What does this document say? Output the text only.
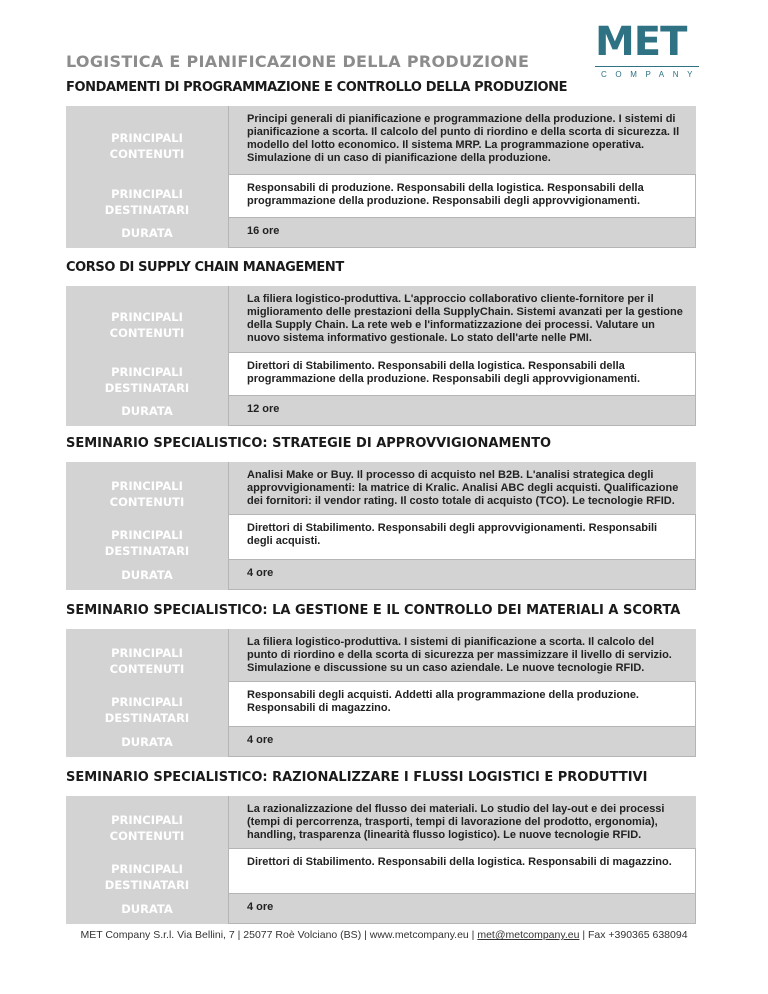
LOGISTICA E PIANIFICAZIONE DELLA PRODUZIONE MET
COMPANY
FONDAMENTI DI PROGRAMMAZIONE E CONTROLLO DELLA PRODUZIONE
PRINCIPALI
CONTENUTI
Principi generali di pianificazione e programmazione della produzione. I sistemi di pianificazione a scorta. Il calcolo del punto di riordino e della scorta di sicurezza. Il modello del lotto economico. Il sistema MRP. La programmazione operativa. Simulazione di un caso di pianificazione della produzione.
PRINCIPALI
DESTINATARI
Responsabili di produzione. Responsabili della logistica. Responsabili della programmazione della produzione. Responsabili degli approvvigionamenti.
DURATA	16 ore
CORSO DI SUPPLY CHAIN MANAGEMENT
PRINCIPALI
CONTENUTI
La filiera logistico-produttiva. L'approccio collaborativo cliente-fornitore per il miglioramento delle prestazioni della SupplyChain. Sistemi avanzati per la gestione della Supply Chain. La rete web e l'informatizzazione dei processi. Valutare un nuovo sistema informativo gestionale. Lo stato dell'arte nelle PMI.
PRINCIPALI
DESTINATARI
Direttori di Stabilimento. Responsabili della logistica. Responsabili della programmazione della produzione. Responsabili degli approvvigionamenti.
DURATA	12 ore
SEMINARIO SPECIALISTICO: STRATEGIE DI APPROVVIGIONAMENTO
PRINCIPALI
CONTENUTI
Analisi Make or Buy. Il processo di acquisto nel B2B. L'analisi strategica degli approvvigionamenti: la matrice di Kralic. Analisi ABC degli acquisti. Qualificazione dei fornitori: il vendor rating. Il costo totale di acquisto (TCO). Le tecnologie RFID.
PRINCIPALI
DESTINATARI
Direttori di Stabilimento. Responsabili degli approvvigionamenti. Responsabili degli acquisti.
DURATA	4 ore
SEMINARIO SPECIALISTICO: LA GESTIONE E IL CONTROLLO DEI MATERIALI A SCORTA
PRINCIPALI
CONTENUTI
La filiera logistico-produttiva. I sistemi di pianificazione a scorta. Il calcolo del punto di riordino e della scorta di sicurezza per massimizzare il livello di servizio. Simulazione e discussione su un caso aziendale. Le nuove tecnologie RFID.
PRINCIPALI
DESTINATARI
Responsabili degli acquisti. Addetti alla programmazione della produzione. Responsabili di magazzino.
DURATA	4 ore
SEMINARIO SPECIALISTICO: RAZIONALIZZARE I FLUSSI LOGISTICI E PRODUTTIVI
PRINCIPALI
CONTENUTI
La razionalizzazione del flusso dei materiali. Lo studio del lay-out e dei processi (tempi di percorrenza, trasporti, tempi di lavorazione del prodotto, ergonomia), handling, trasparenza (linearità flusso logistico). Le nuove tecnologie RFID.
PRINCIPALI
DESTINATARI
Direttori di Stabilimento. Responsabili della logistica. Responsabili di magazzino.
DURATA	4 ore
MET Company S.r.l. Via Bellini, 7 | 25077 Roè Volciano (BS) | www.metcompany.eu | met@metcompany.eu | Fax +390365 638094
